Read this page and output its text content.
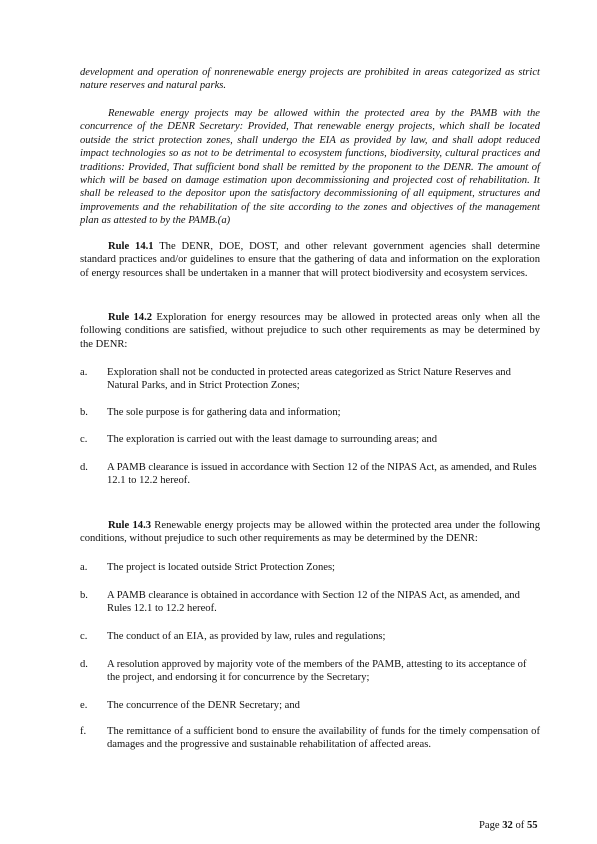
development and operation of nonrenewable energy projects are prohibited in areas categorized as strict nature reserves and natural parks.
Renewable energy projects may be allowed within the protected area by the PAMB with the concurrence of the DENR Secretary: Provided, That renewable energy projects, which shall be located outside the strict protection zones, shall undergo the EIA as provided by law, and shall adopt reduced impact technologies so as not to be detrimental to ecosystem functions, biodiversity, cultural practices and traditions: Provided, That sufficient bond shall be remitted by the proponent to the DENR. The amount of which will be based on damage estimation upon decommissioning and projected cost of rehabilitation. It shall be released to the depositor upon the satisfactory decommissioning of all equipment, structures and improvements and the rehabilitation of the site according to the zones and objectives of the management plan as attested to by the PAMB.(a)
Rule 14.1 The DENR, DOE, DOST, and other relevant government agencies shall determine standard practices and/or guidelines to ensure that the gathering of data and information on the exploration of energy resources shall be undertaken in a manner that will protect biodiversity and ecosystem services.
Rule 14.2 Exploration for energy resources may be allowed in protected areas only when all the following conditions are satisfied, without prejudice to such other requirements as may be determined by the DENR:
a.	Exploration shall not be conducted in protected areas categorized as Strict Nature Reserves and Natural Parks, and in Strict Protection Zones;
b.	The sole purpose is for gathering data and information;
c.	The exploration is carried out with the least damage to surrounding areas; and
d.	A PAMB clearance is issued in accordance with Section 12 of the NIPAS Act, as amended, and Rules 12.1 to 12.2 hereof.
Rule 14.3 Renewable energy projects may be allowed within the protected area under the following conditions, without prejudice to such other requirements as may be determined by the DENR:
a.	The project is located outside Strict Protection Zones;
b.	A PAMB clearance is obtained in accordance with Section 12 of the NIPAS Act, as amended, and Rules 12.1 to 12.2 hereof.
c.	The conduct of an EIA, as provided by law, rules and regulations;
d.	A resolution approved by majority vote of the members of the PAMB, attesting to its acceptance of the project, and endorsing it for concurrence by the Secretary;
e.	The concurrence of the DENR Secretary; and
f.	The remittance of a sufficient bond to ensure the availability of funds for the timely compensation of damages and the progressive and sustainable rehabilitation of affected areas.
Page 32 of 55
